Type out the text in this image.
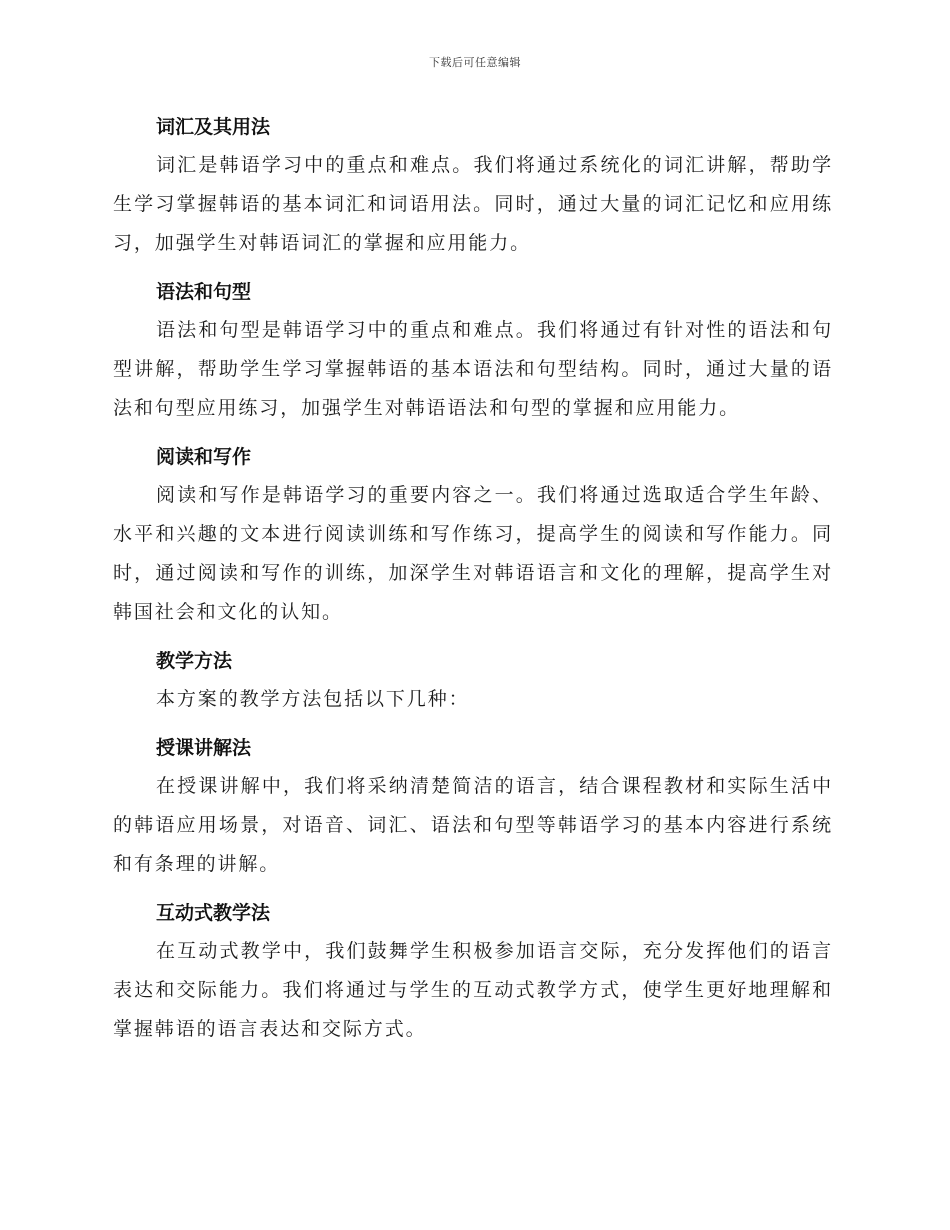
下载后可任意编辑
词汇及其用法

词汇是韩语学习中的重点和难点。我们将通过系统化的词汇讲解，帮助学生学习掌握韩语的基本词汇和词语用法。同时，通过大量的词汇记忆和应用练习，加强学生对韩语词汇的掌握和应用能力。

语法和句型

语法和句型是韩语学习中的重点和难点。我们将通过有针对性的语法和句型讲解，帮助学生学习掌握韩语的基本语法和句型结构。同时，通过大量的语法和句型应用练习，加强学生对韩语语法和句型的掌握和应用能力。

阅读和写作

阅读和写作是韩语学习的重要内容之一。我们将通过选取适合学生年龄、水平和兴趣的文本进行阅读训练和写作练习，提高学生的阅读和写作能力。同时，通过阅读和写作的训练，加深学生对韩语语言和文化的理解，提高学生对韩国社会和文化的认知。

教学方法

本方案的教学方法包括以下几种：

授课讲解法

在授课讲解中，我们将采纳清楚简洁的语言，结合课程教材和实际生活中的韩语应用场景，对语音、词汇、语法和句型等韩语学习的基本内容进行系统和有条理的讲解。

互动式教学法

在互动式教学中，我们鼓舞学生积极参加语言交际，充分发挥他们的语言表达和交际能力。我们将通过与学生的互动式教学方式，使学生更好地理解和掌握韩语的语言表达和交际方式。
